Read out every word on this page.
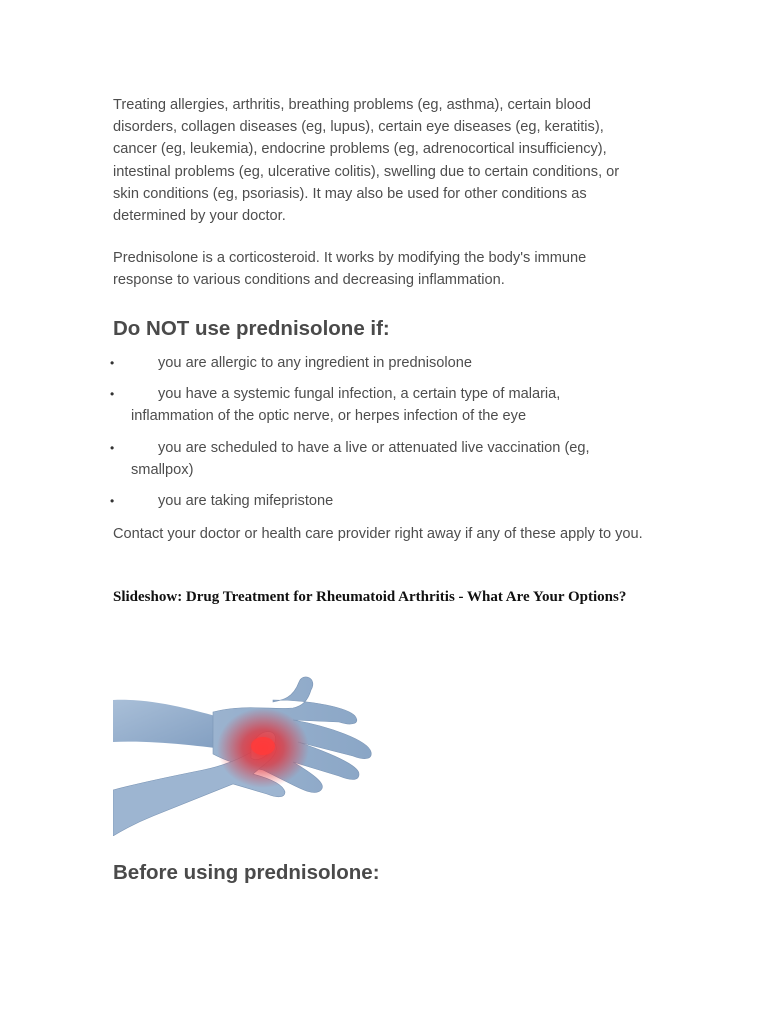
Treating allergies, arthritis, breathing problems (eg, asthma), certain blood disorders, collagen diseases (eg, lupus), certain eye diseases (eg, keratitis), cancer (eg, leukemia), endocrine problems (eg, adrenocortical insufficiency), intestinal problems (eg, ulcerative colitis), swelling due to certain conditions, or skin conditions (eg, psoriasis). It may also be used for other conditions as determined by your doctor.

Prednisolone is a corticosteroid. It works by modifying the body's immune response to various conditions and decreasing inflammation.

Do NOT use prednisolone if:
•	you are allergic to any ingredient in prednisolone
•	you have a systemic fungal infection, a certain type of malaria, inflammation of the optic nerve, or herpes infection of the eye
•	you are scheduled to have a live or attenuated live vaccination (eg, smallpox)
•	you are taking mifepristone

Contact your doctor or health care provider right away if any of these apply to you.

Slideshow: Drug Treatment for Rheumatoid Arthritis - What Are Your Options?
Before using prednisolone:
